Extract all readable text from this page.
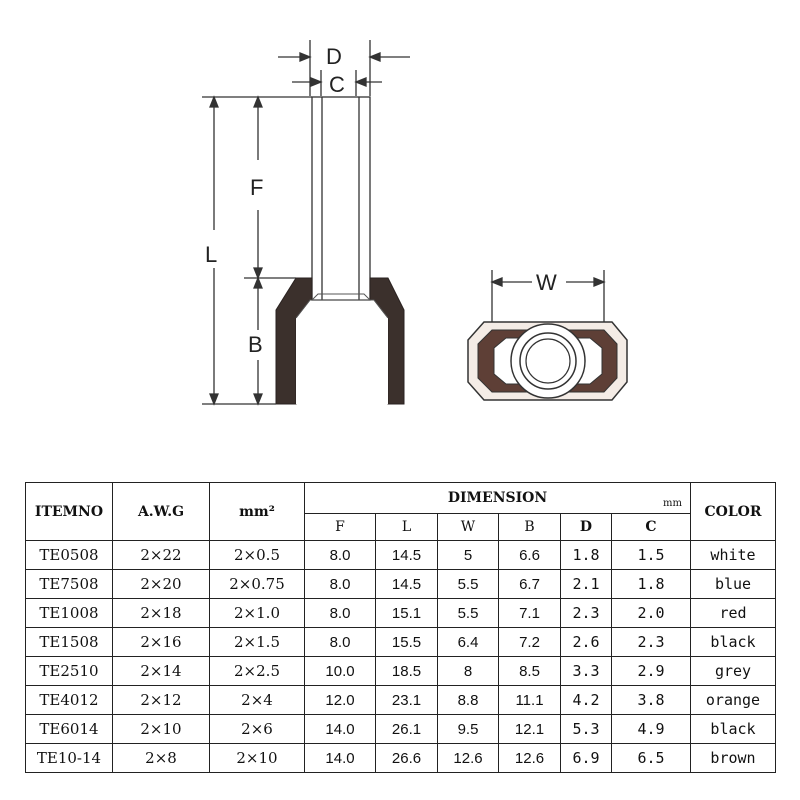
D
C
F
B
L
W
ITEMNO	A.W.G	mm²	DIMENSION mm						COLOR
			F	L	W	B	D	C	
TE0508	2×22	2×0.5	8.0	14.5	5	6.6	1.8	1.5	white
TE7508	2×20	2×0.75	8.0	14.5	5.5	6.7	2.1	1.8	blue
TE1008	2×18	2×1.0	8.0	15.1	5.5	7.1	2.3	2.0	red
TE1508	2×16	2×1.5	8.0	15.5	6.4	7.2	2.6	2.3	black
TE2510	2×14	2×2.5	10.0	18.5	8	8.5	3.3	2.9	grey
TE4012	2×12	2×4	12.0	23.1	8.8	11.1	4.2	3.8	orange
TE6014	2×10	2×6	14.0	26.1	9.5	12.1	5.3	4.9	black
TE10-14	2×8	2×10	14.0	26.6	12.6	12.6	6.9	6.5	brown
